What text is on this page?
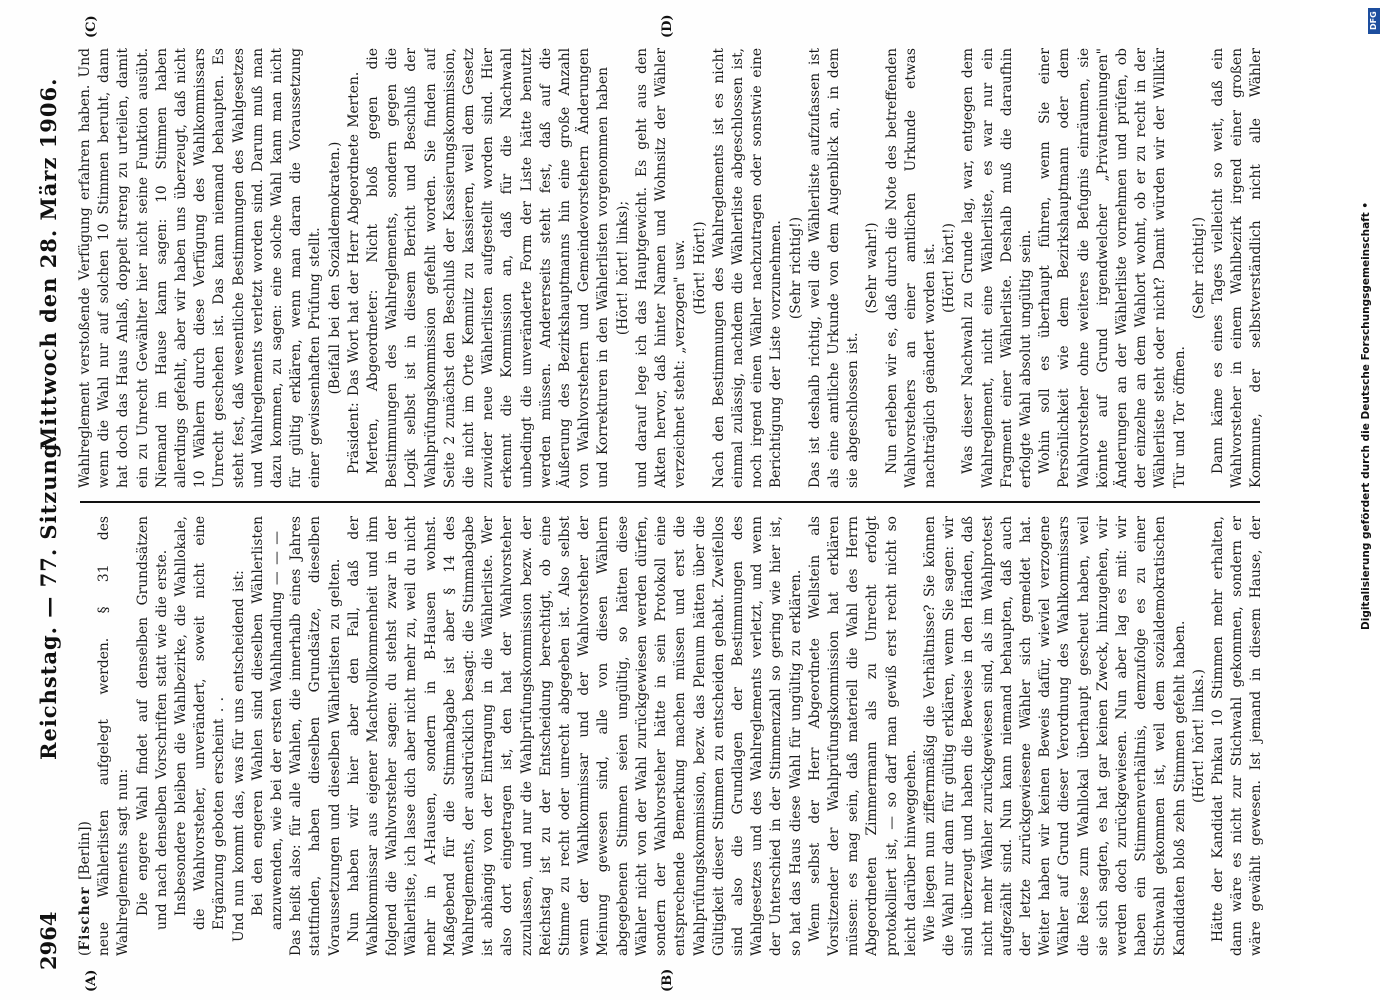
2964
Reichstag. — 77. Sitzung.
Mittwoch den 28. März 1906.
(A)	(B)
(C)	(D)

(Fischer [Berlin]) neue Wählerlisten aufgelegt werden. § 31 des Wahlreglements sagt nun: Die engere Wahl findet auf denselben Grundsätzen und nach denselben Vorschriften statt wie die erste. Insbesondere bleiben die Wahlbezirke, die Wahllokale, die Wahlvorsteher, unverändert, soweit nicht eine Ergänzung geboten erscheint . . Und nun kommt das, was für uns entscheidend ist: Bei den engeren Wahlen sind dieselben Wählerlisten anzuwenden, wie bei der ersten Wahlhandlung — — — Das heißt also: für alle Wahlen, die innerhalb eines Jahres stattfinden, haben dieselben Grundsätze, dieselben Voraussetzungen und dieselben Wählerlisten zu gelten. Nun haben wir hier aber den Fall, daß der Wahlkommissar aus eigener Machtvollkommenheit und ihm folgend die Wahlvorsteher sagen: du stehst zwar in der Wählerliste, ich lasse dich aber nicht mehr zu, weil du nicht mehr in A-Hausen, sondern in B-Hausen wohnst. Maßgebend für die Stimmabgabe ist aber § 14 des Wahlreglements, der ausdrücklich besagt: die Stimmabgabe ist abhängig von der Eintragung in die Wählerliste. Wer also dort eingetragen ist, den hat der Wahlvorsteher zuzulassen, und nur die Wahlprüfungskommission bezw. der Reichstag ist zu der Entscheidung berechtigt, ob eine Stimme zu recht oder unrecht abgegeben ist. Also selbst wenn der Wahlkommissar und der Wahlvorsteher der Meinung gewesen sind, alle von diesen Wählern abgegebenen Stimmen seien ungültig, so hätten diese Wähler nicht von der Wahl zurückgewiesen werden dürfen, sondern der Wahlvorsteher hätte in sein Protokoll eine entsprechende Bemerkung machen müssen und erst die Wahlprüfungskommission, bezw. das Plenum hätten über die Gültigkeit dieser Stimmen zu entscheiden gehabt. Zweifellos sind also die Grundlagen der Bestimmungen des Wahlgesetzes und des Wahlreglements verletzt, und wenn der Unterschied in der Stimmenzahl so gering wie hier ist, so hat das Haus diese Wahl für ungültig zu erklären. Wenn selbst der Herr Abgeordnete Wellstein als Vorsitzender der Wahlprüfungskommission hat erklären müssen: es mag sein, daß materiell die Wahl des Herrn Abgeordneten Zimmermann als zu Unrecht erfolgt protokolliert ist, — so darf man gewiß erst recht nicht so leicht darüber hinweggehen. Wie liegen nun ziffernmäßig die Verhältnisse? Sie können die Wahl nur dann für gültig erklären, wenn Sie sagen: wir sind überzeugt und haben die Beweise in den Händen, daß nicht mehr Wähler zurückgewiesen sind, als im Wahlprotest aufgezählt sind. Nun kann niemand behaupten, daß auch der letzte zurückgewiesene Wähler sich gemeldet hat. Weiter haben wir keinen Beweis dafür, wieviel verzogene Wähler auf Grund dieser Verordnung des Wahlkommissars die Reise zum Wahllokal überhaupt gescheut haben, weil sie sich sagten, es hat gar keinen Zweck, hinzugehen, wir werden doch zurückgewiesen. Nun aber lag es mit: wir haben ein Stimmenverhältnis, demzufolge es zu einer Stichwahl gekommen ist, weil dem sozialdemokratischen Kandidaten bloß zehn Stimmen gefehlt haben. (Hört! hört! links.)

Hätte der Kandidat Pinkau 10 Stimmen mehr erhalten, dann wäre es nicht zur Stichwahl gekommen, sondern er wäre gewählt gewesen. Ist jemand in diesem Hause, der

Wahlreglement verstoßende Verfügung erfahren haben. Und wenn die Wahl nur auf solchen 10 Stimmen beruht, dann hat doch das Haus Anlaß, doppelt streng zu urteilen, damit ein zu Unrecht Gewählter hier nicht seine Funktion ausübt. Niemand im Hause kann sagen: 10 Stimmen haben allerdings gefehlt, aber wir haben uns überzeugt, daß nicht 10 Wählern durch diese Verfügung des Wahlkommissars Unrecht geschehen ist. Das kann niemand behaupten. Es steht fest, daß wesentliche Bestimmungen des Wahlgesetzes und Wahlreglements verletzt worden sind. Darum muß man dazu kommen, zu sagen: eine solche Wahl kann man nicht für gültig erklären, wenn man daran die Voraussetzung einer gewissenhaften Prüfung stellt. (Beifall bei den Sozialdemokraten.) Präsident: Das Wort hat der Herr Abgeordnete Merten. Merten, Abgeordneter: Nicht bloß gegen die Bestimmungen des Wahlreglements, sondern gegen die Logik selbst ist in diesem Bericht und Beschluß der Wahlprüfungskommission gefehlt worden. Sie finden auf Seite 2 zunächst den Beschluß der Kassierungskommission, die nicht im Orte Kemnitz zu kassieren, weil dem Gesetz zuwider neue Wählerlisten aufgestellt worden sind. Hier erkennt die Kommission an, daß für die Nachwahl unbedingt die unveränderte Form der Liste hätte benutzt werden müssen. Andererseits steht fest, daß auf die Äußerung des Bezirkshauptmanns hin eine große Anzahl von Wahlvorstehern und Gemeindevorstehern Änderungen und Korrekturen in den Wählerlisten vorgenommen haben (Hört! hört! links); und darauf lege ich das Hauptgewicht. Es geht aus den Akten hervor, daß hinter Namen und Wohnsitz der Wähler verzeichnet steht: „verzogen" usw. (Hört! Hört!) Nach den Bestimmungen des Wahlreglements ist es nicht einmal zulässig, nachdem die Wählerliste abgeschlossen ist, noch irgend einen Wähler nachzutragen oder sonstwie eine Berichtigung der Liste vorzunehmen. (Sehr richtig!) Das ist deshalb richtig, weil die Wählerliste aufzufassen ist als eine amtliche Urkunde von dem Augenblick an, in dem sie abgeschlossen ist.

(Sehr wahr!) Nun erleben wir es, daß durch die Note des betreffenden Wahlvorstehers an einer amtlichen Urkunde etwas nachträglich geändert worden ist. (Hört! hört!) Was dieser Nachwahl zu Grunde lag, war, entgegen dem Wahlreglement, nicht eine Wählerliste, es war nur ein Fragment einer Wählerliste. Deshalb muß die daraufhin erfolgte Wahl absolut ungültig sein. Wohin soll es überhaupt führen, wenn Sie einer Persönlichkeit wie dem Bezirkshauptmann oder dem Wahlvorsteher ohne weiteres die Befugnis einräumen, sie könnte auf Grund irgendwelcher „Privatmeinungen" Änderungen an der Wählerliste vornehmen und prüfen, ob der einzelne an dem Wahlort wohnt, ob er zu recht in der Wählerliste steht oder nicht? Damit würden wir der Willkür Tür und Tor öffnen.

(Sehr richtig!)

Dann käme es eines Tages vielleicht so weit, daß ein Wahlvorsteher in einem Wahlbezirk irgend einer großen Kommune, der selbstverständlich nicht alle Wähler

Digitalisierung gefördert durch die Deutsche Forschungsgemeinschaft •
DFG
